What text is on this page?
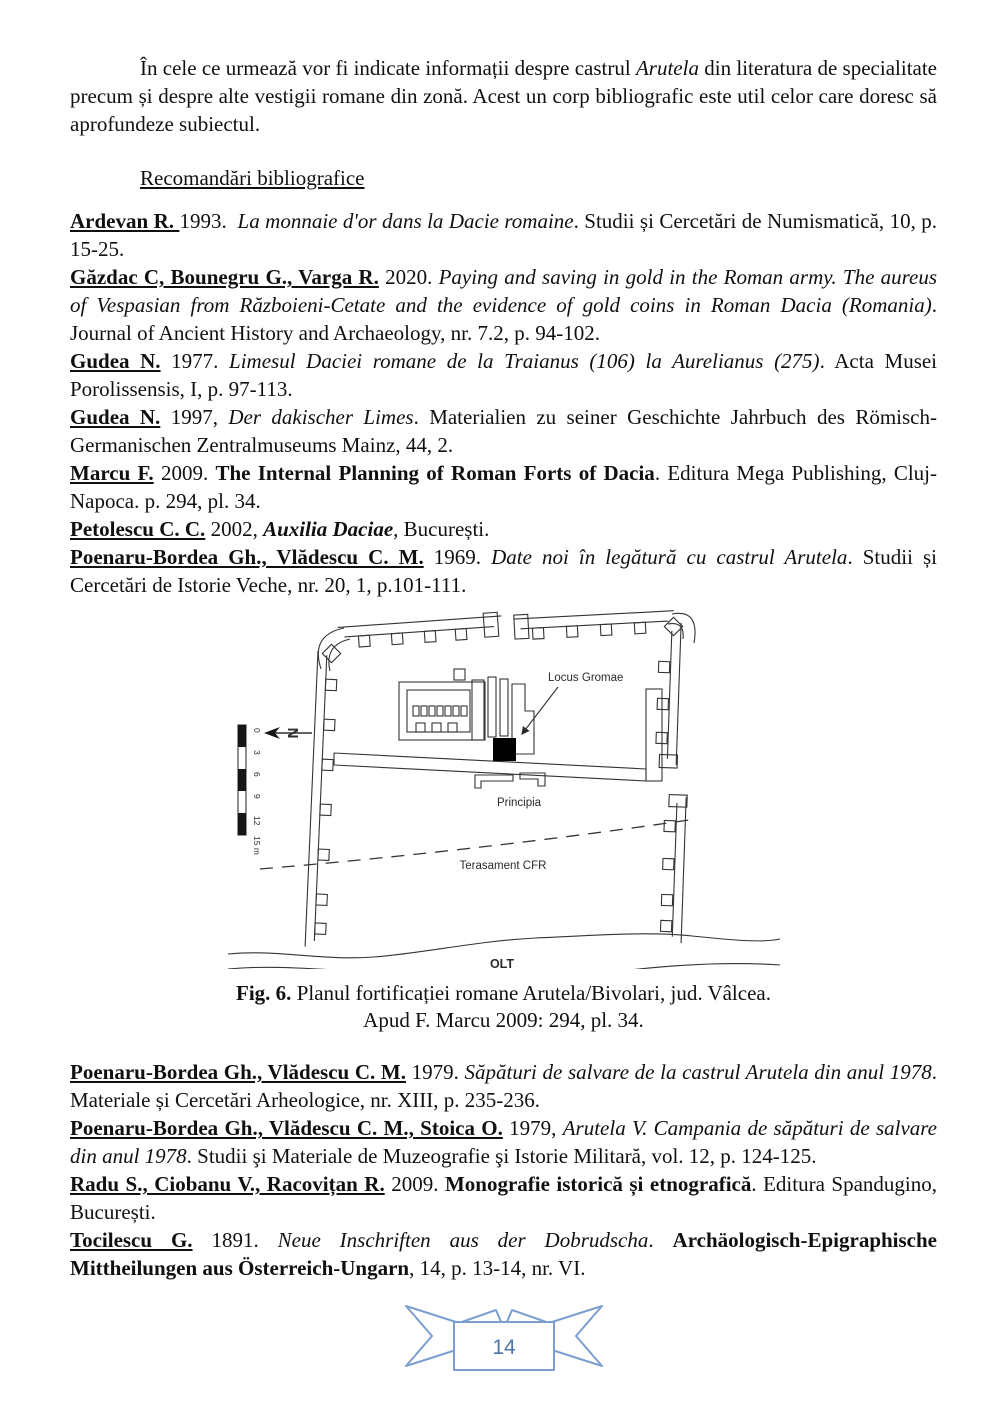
În cele ce urmează vor fi indicate informații despre castrul Arutela din literatura de specialitate precum și despre alte vestigii romane din zonă. Acest un corp bibliografic este util celor care doresc să aprofundeze subiectul.

Recomandări bibliografice

Ardevan R. 1993.  La monnaie d'or dans la Dacie romaine. Studii și Cercetări de Numismatică, 10, p. 15-25.

Găzdac C, Bounegru G., Varga R. 2020. Paying and saving in gold in the Roman army. The aureus of Vespasian from Războieni-Cetate and the evidence of gold coins in Roman Dacia (Romania). Journal of Ancient History and Archaeology, nr. 7.2, p. 94-102.

Gudea N. 1977. Limesul Daciei romane de la Traianus (106) la Aurelianus (275). Acta Musei Porolissensis, I, p. 97-113.

Gudea N. 1997, Der dakischer Limes. Materialien zu seiner Geschichte Jahrbuch des Römisch-Germanischen Zentralmuseums Mainz, 44, 2.

Marcu F. 2009. The Internal Planning of Roman Forts of Dacia. Editura Mega Publishing, Cluj-Napoca. p. 294, pl. 34.

Petolescu C. C. 2002, Auxilia Daciae, București.

Poenaru-Bordea Gh., Vlădescu C. M. 1969. Date noi în legătură cu castrul Arutela. Studii și Cercetări de Istorie Veche, nr. 20, 1, p.101-111.

0
3
6
9
12
15 m
N
Locus Gromae
Principia
Terasament CFR
OLT
Fig. 6. Planul fortificației romane Arutela/Bivolari, jud. Vâlcea.
Apud F. Marcu 2009: 294, pl. 34.

Poenaru-Bordea Gh., Vlădescu C. M. 1979. Săpături de salvare de la castrul Arutela din anul 1978. Materiale și Cercetări Arheologice, nr. XIII, p. 235-236.

Poenaru-Bordea Gh., Vlădescu C. M., Stoica O. 1979, Arutela V. Campania de săpături de salvare din anul 1978. Studii şi Materiale de Muzeografie şi Istorie Militară, vol. 12, p. 124-125.

Radu S., Ciobanu V., Racovițan R. 2009. Monografie istorică și etnografică. Editura Spandugino, București.

Tocilescu G. 1891. Neue Inschriften aus der Dobrudscha. Archäologisch-Epigraphische Mittheilungen aus Österreich-Ungarn, 14, p. 13-14, nr. VI.

14
